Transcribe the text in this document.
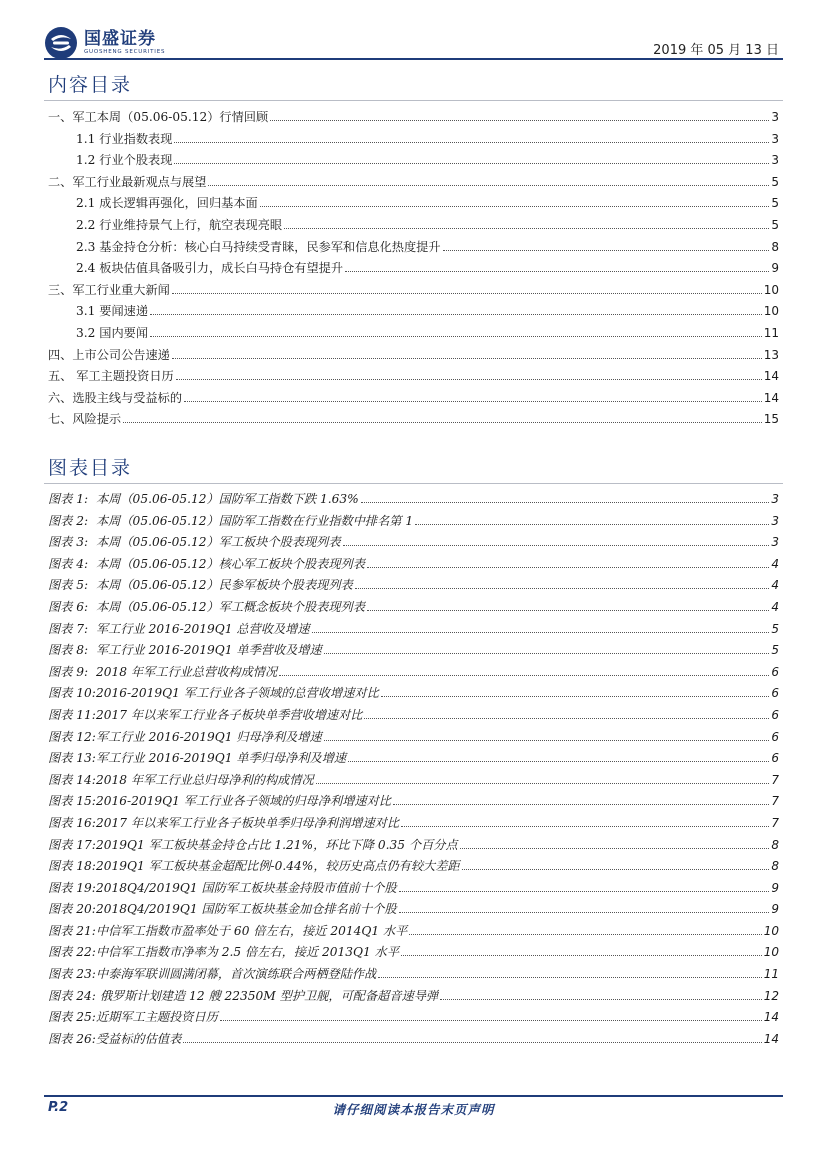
国盛证券
GUOSHENG SECURITIES	2019 年 05 月 13 日
内容目录
一、军工本周（05.06-05.12）行情回顾	3
1.1 行业指数表现	3
1.2 行业个股表现	3
二、军工行业最新观点与展望	5
2.1 成长逻辑再强化，回归基本面	5
2.2 行业维持景气上行，航空表现亮眼	5
2.3 基金持仓分析：核心白马持续受青睐，民参军和信息化热度提升	8
2.4 板块估值具备吸引力，成长白马持仓有望提升	9
三、军工行业重大新闻	10
3.1 要闻速递	10
3.2 国内要闻	11
四、上市公司公告速递	13
五、 军工主题投资日历	14
六、选股主线与受益标的	14
七、风险提示	15
图表目录
图表 1: 本周（05.06-05.12）国防军工指数下跌 1.63%	3
图表 2: 本周（05.06-05.12）国防军工指数在行业指数中排名第 1	3
图表 3: 本周（05.06-05.12）军工板块个股表现列表	3
图表 4: 本周（05.06-05.12）核心军工板块个股表现列表	4
图表 5: 本周（05.06-05.12）民参军板块个股表现列表	4
图表 6: 本周（05.06-05.12）军工概念板块个股表现列表	4
图表 7: 军工行业 2016-2019Q1 总营收及增速	5
图表 8: 军工行业 2016-2019Q1 单季营收及增速	5
图表 9: 2018 年军工行业总营收构成情况	6
图表 10:2016-2019Q1 军工行业各子领域的总营收增速对比	6
图表 11:2017 年以来军工行业各子板块单季营收增速对比	6
图表 12:军工行业 2016-2019Q1 归母净利及增速	6
图表 13:军工行业 2016-2019Q1 单季归母净利及增速	6
图表 14:2018 年军工行业总归母净利的构成情况	7
图表 15:2016-2019Q1 军工行业各子领域的归母净利增速对比	7
图表 16:2017 年以来军工行业各子板块单季归母净利润增速对比	7
图表 17:2019Q1 军工板块基金持仓占比 1.21%，环比下降 0.35 个百分点	8
图表 18:2019Q1 军工板块基金超配比例-0.44%，较历史高点仍有较大差距	8
图表 19:2018Q4/2019Q1 国防军工板块基金持股市值前十个股	9
图表 20:2018Q4/2019Q1 国防军工板块基金加仓排名前十个股	9
图表 21:中信军工指数市盈率处于 60 倍左右，接近 2014Q1 水平	10
图表 22:中信军工指数市净率为 2.5 倍左右，接近 2013Q1 水平	10
图表 23:中泰海军联训圆满闭幕，首次演练联合两栖登陆作战	11
图表 24: 俄罗斯计划建造 12 艘 22350M 型护卫舰，可配备超音速导弹	12
图表 25:近期军工主题投资日历	14
图表 26:受益标的估值表	14
P.2	请仔细阅读本报告末页声明
